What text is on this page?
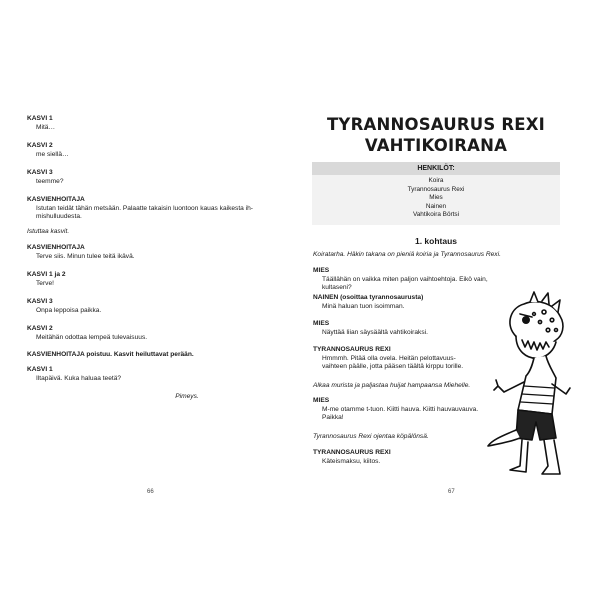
KASVI 1
Mitä…
KASVI 2
me siellä…
KASVI 3
teemme?
KASVIENHOITAJA
Istutan teidät tähän metsään. Palaatte takaisin luontoon kauas kaikesta ih-
mishulluudesta.
Istuttaa kasvit.
KASVIENHOITAJA
Terve siis. Minun tulee teitä ikävä.
KASVI 1 ja 2
Terve!
KASVI 3
Onpa leppoisa paikka.
KASVI 2
Meitähän odottaa lempeä tulevaisuus.
KASVIENHOITAJA poistuu. Kasvit heiluttavat perään.
KASVI 1
Iltapäivä. Kuka haluaa teetä?
Pimeys.
66	67
TYRANNOSAURUS REXI
VAHTIKOIRANA
HENKILÖT:
Koira
Tyrannosaurus Rexi
Mies
Nainen
Vahtikoira Börtsi
1. kohtaus
Koiratarha. Häkin takana on pieniä koiria ja Tyrannosaurus Rexi.
MIES
Täällähän on vaikka miten paljon vaihtoehtoja. Eikö vain, kultaseni?
NAINEN (osoittaa tyrannosaurusta)
Minä haluan tuon isoimman.
MIES
Näyttää liian säysäältä vahtikoiraksi.
TYRANNOSAURUS REXI
Hmmmh. Pitää olla ovela. Heitän pelottavuus-
vaihteen päälle, jotta pääsen täältä kirppu torille.
Alkaa murista ja paljastaa huijat hampaansa Miehelle.
MIES
M-me otamme t-tuon. Kiitti hauva. Kiitti hauvauvauva.
Paikka!
Tyrannosaurus Rexi ojentaa köpälönsä.
TYRANNOSAURUS REXI
Käteismaksu, kiitos.
